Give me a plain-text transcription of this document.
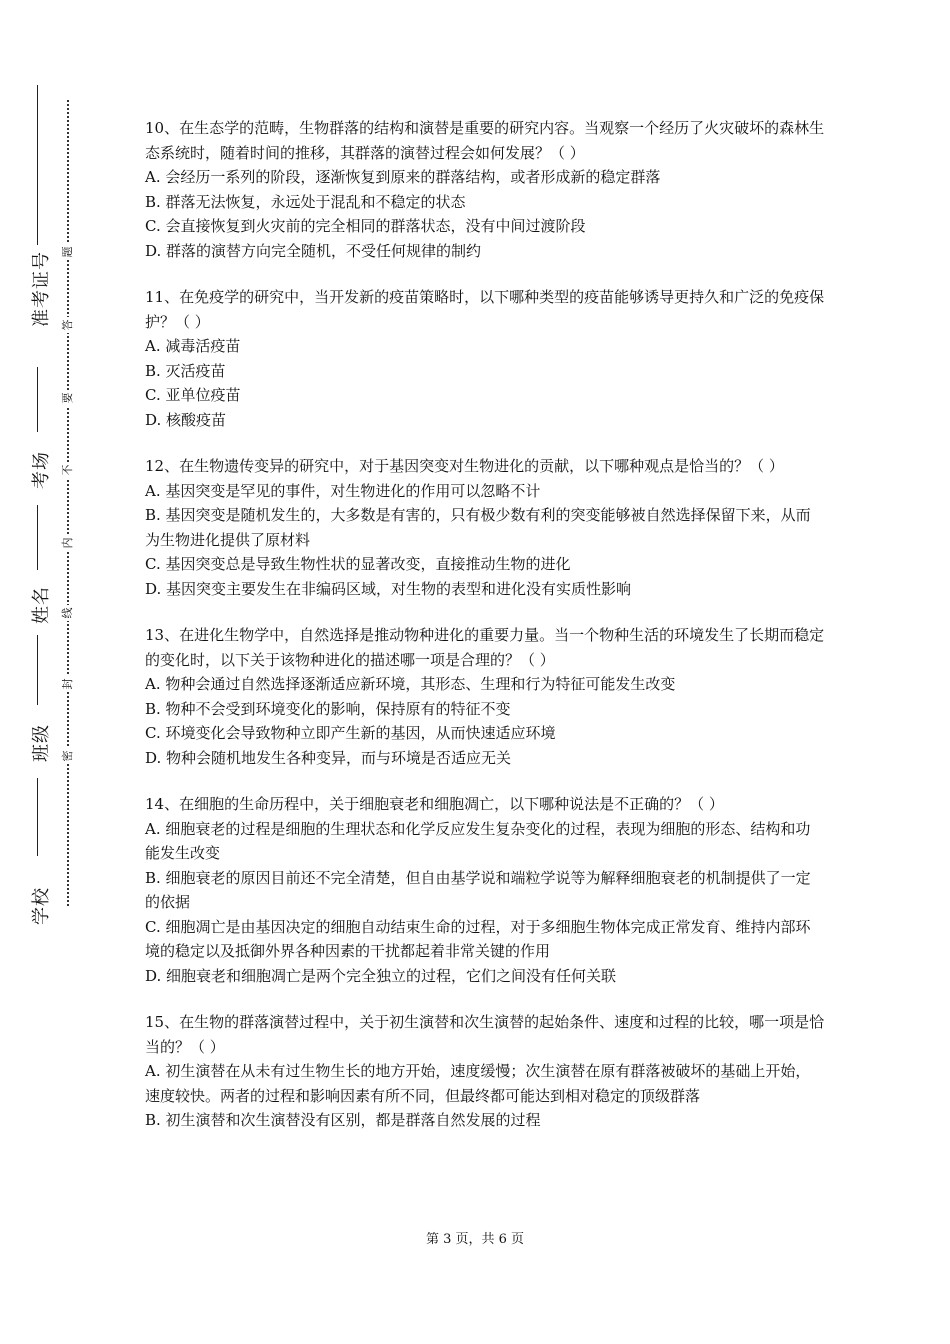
准考证号
考场
姓名
班级
学校
题
答
要
不
内
线
封
密

10、在生态学的范畴，生物群落的结构和演替是重要的研究内容。当观察一个经历了火灾破坏的森林生态系统时，随着时间的推移，其群落的演替过程会如何发展？（ ）

A. 会经历一系列的阶段，逐渐恢复到原来的群落结构，或者形成新的稳定群落

B. 群落无法恢复，永远处于混乱和不稳定的状态

C. 会直接恢复到火灾前的完全相同的群落状态，没有中间过渡阶段

D. 群落的演替方向完全随机，不受任何规律的制约

11、在免疫学的研究中，当开发新的疫苗策略时，以下哪种类型的疫苗能够诱导更持久和广泛的免疫保护？（ ）

A. 减毒活疫苗

B. 灭活疫苗

C. 亚单位疫苗

D. 核酸疫苗

12、在生物遗传变异的研究中，对于基因突变对生物进化的贡献，以下哪种观点是恰当的？（ ）

A. 基因突变是罕见的事件，对生物进化的作用可以忽略不计

B. 基因突变是随机发生的，大多数是有害的，只有极少数有利的突变能够被自然选择保留下来，从而为生物进化提供了原材料

C. 基因突变总是导致生物性状的显著改变，直接推动生物的进化

D. 基因突变主要发生在非编码区域，对生物的表型和进化没有实质性影响

13、在进化生物学中，自然选择是推动物种进化的重要力量。当一个物种生活的环境发生了长期而稳定的变化时，以下关于该物种进化的描述哪一项是合理的？（ ）

A. 物种会通过自然选择逐渐适应新环境，其形态、生理和行为特征可能发生改变

B. 物种不会受到环境变化的影响，保持原有的特征不变

C. 环境变化会导致物种立即产生新的基因，从而快速适应环境

D. 物种会随机地发生各种变异，而与环境是否适应无关

14、在细胞的生命历程中，关于细胞衰老和细胞凋亡，以下哪种说法是不正确的？（ ）

A. 细胞衰老的过程是细胞的生理状态和化学反应发生复杂变化的过程，表现为细胞的形态、结构和功能发生改变

B. 细胞衰老的原因目前还不完全清楚，但自由基学说和端粒学说等为解释细胞衰老的机制提供了一定的依据

C. 细胞凋亡是由基因决定的细胞自动结束生命的过程，对于多细胞生物体完成正常发育、维持内部环境的稳定以及抵御外界各种因素的干扰都起着非常关键的作用

D. 细胞衰老和细胞凋亡是两个完全独立的过程，它们之间没有任何关联

15、在生物的群落演替过程中，关于初生演替和次生演替的起始条件、速度和过程的比较，哪一项是恰当的？（ ）

A. 初生演替在从未有过生物生长的地方开始，速度缓慢；次生演替在原有群落被破坏的基础上开始，速度较快。两者的过程和影响因素有所不同，但最终都可能达到相对稳定的顶级群落

B. 初生演替和次生演替没有区别，都是群落自然发展的过程

第 3 页，共 6 页
